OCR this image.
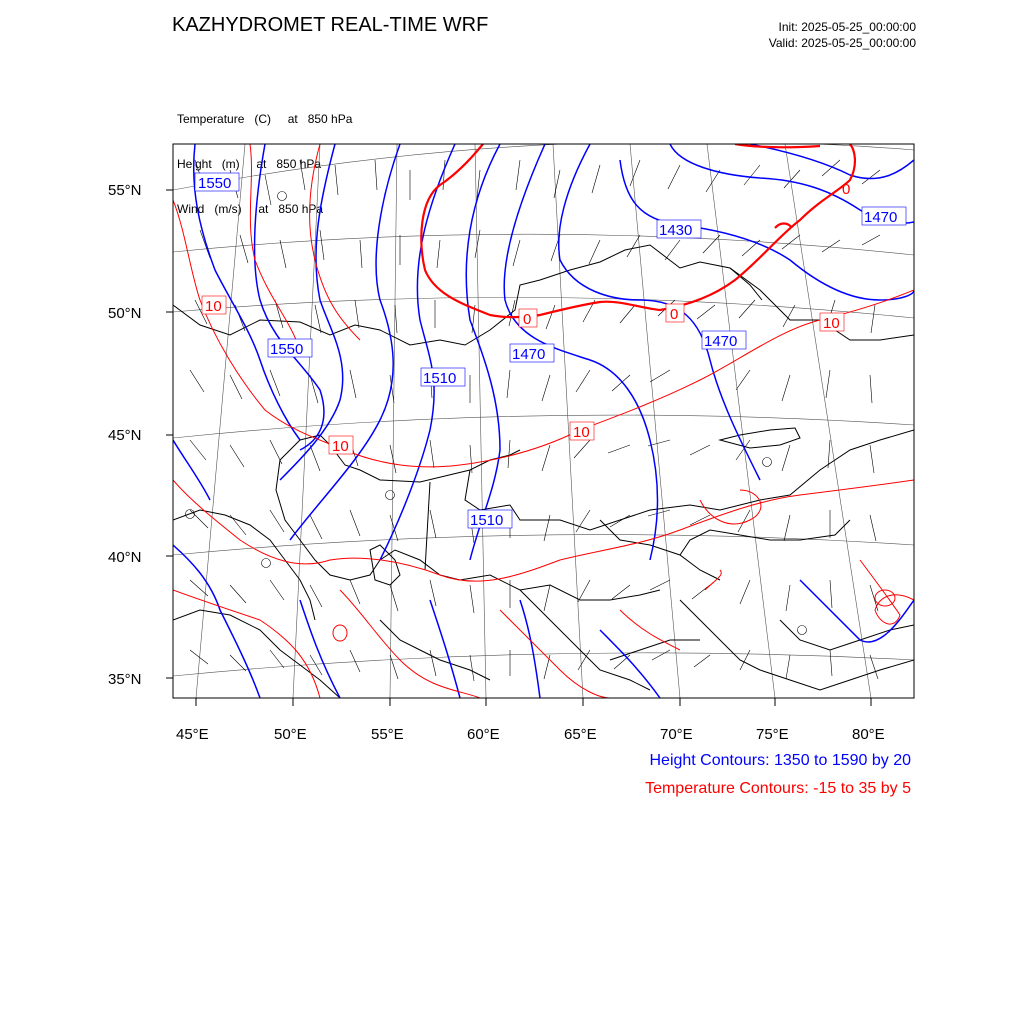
KAZHYDROMET REAL-TIME WRF	Init: 2025-05-25_00:00:00
Valid: 2025-05-25_00:00:00

Temperature   (C)     at   850 hPa

Height   (m)     at   850 hPa

Wind   (m/s)     at   850 hPa

55°N
50°N
45°N
40°N
35°N
45°E	50°E	55°E	60°E	65°E	70°E	75°E	80°E
1550
1550
1510
1470
1430
1470
1470
1510
10
10
0	0
10
10
0
Height Contours: 1350 to 1590 by 20
Temperature Contours: -15 to 35 by 5
